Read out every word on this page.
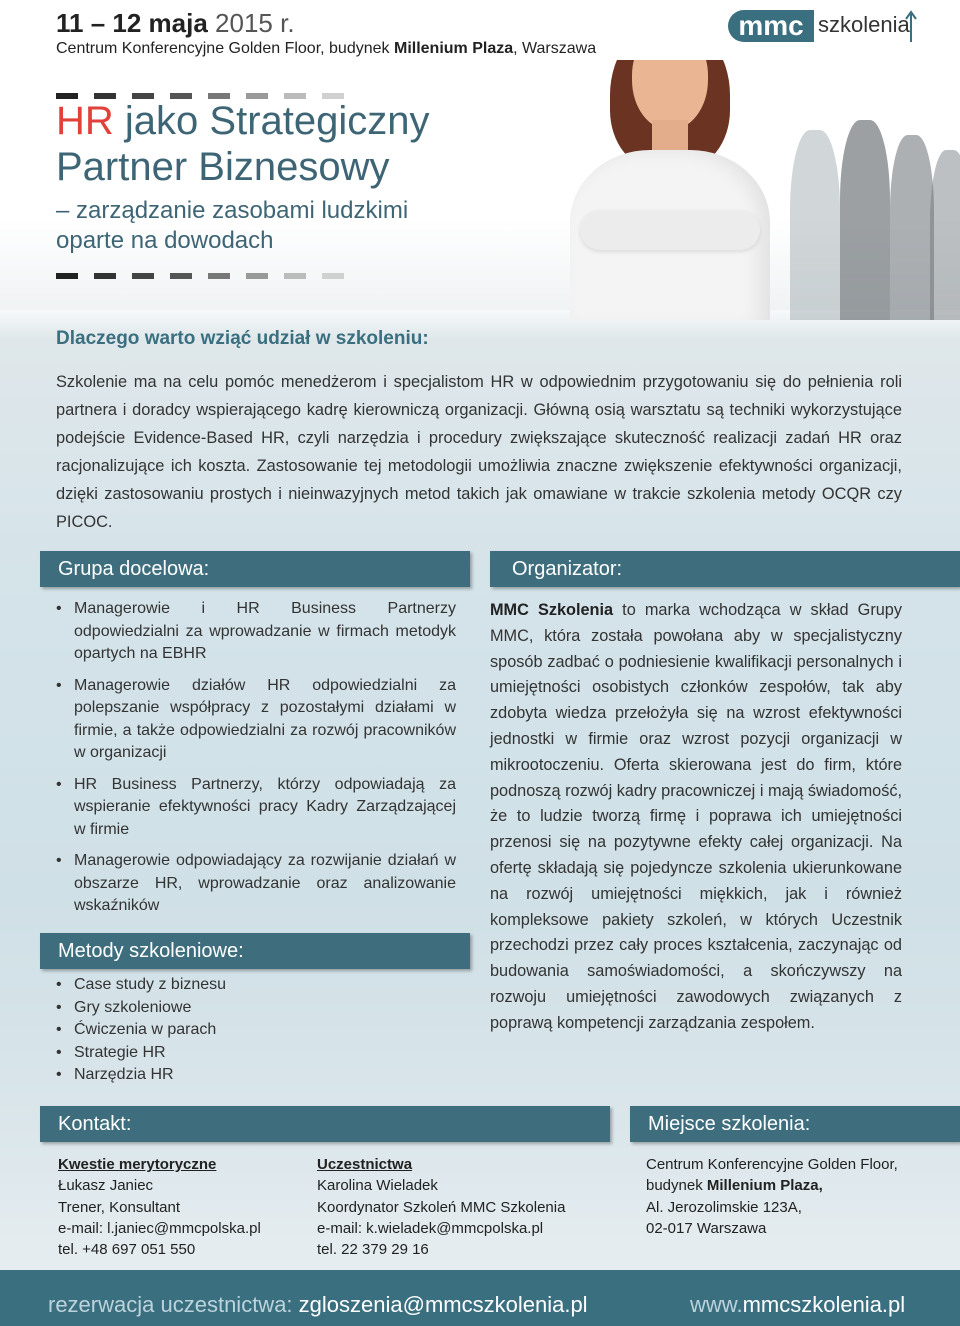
11 – 12 maja 2015 r.
Centrum Konferencyjne Golden Floor, budynek Millenium Plaza, Warszawa
mmc szkolenia
HR jako Strategiczny
Partner Biznesowy
– zarządzanie zasobami ludzkimi
oparte na dowodach
Dlaczego warto wziąć udział w szkoleniu:
Szkolenie ma na celu pomóc menedżerom i specjalistom HR w odpowiednim przygotowaniu się do pełnienia roli partnera i doradcy wspierającego kadrę kierowniczą organizacji. Główną osią warsztatu są techniki wykorzystujące podejście Evidence-Based HR, czyli narzędzia i procedury zwiększające skuteczność realizacji zadań HR oraz racjonalizujące ich koszta. Zastosowanie tej metodologii umożliwia znaczne zwiększenie efektywności organizacji, dzięki zastosowaniu prostych i nieinwazyjnych metod takich jak omawiane w trakcie szkolenia metody OCQR czy PICOC.
Grupa docelowa:
• Managerowie i HR Business Partnerzy odpowiedzialni za wprowadzanie w firmach metodyk opartych na EBHR
• Managerowie działów HR odpowiedzialni za polepszanie współpracy z pozostałymi działami w firmie, a także odpowiedzialni za rozwój pracowników w organizacji
• HR Business Partnerzy, którzy odpowiadają za wspieranie efektywności pracy Kadry Zarządzającej w firmie
• Managerowie odpowiadający za rozwijanie działań w obszarze HR, wprowadzanie oraz analizowanie wskaźników
Organizator:
MMC Szkolenia to marka wchodząca w skład Grupy MMC, która została powołana aby w specjalistyczny sposób zadbać o podniesienie kwalifikacji personalnych i umiejętności osobistych członków zespołów, tak aby zdobyta wiedza przełożyła się na wzrost efektywności jednostki w firmie oraz wzrost pozycji organizacji w mikrootoczeniu. Oferta skierowana jest do firm, które podnoszą rozwój kadry pracowniczej i mają świadomość, że to ludzie tworzą firmę i poprawa ich umiejętności przenosi się na pozytywne efekty całej organizacji. Na ofertę składają się pojedyncze szkolenia ukierunkowane na rozwój umiejętności miękkich, jak i również kompleksowe pakiety szkoleń, w których Uczestnik przechodzi przez cały proces kształcenia, zaczynając od budowania samoświadomości, a skończywszy na rozwoju umiejętności zawodowych związanych z poprawą kompetencji zarządzania zespołem.
Metody szkoleniowe:
• Case study z biznesu
• Gry szkoleniowe
• Ćwiczenia w parach
• Strategie HR
• Narzędzia HR
Kontakt:
Kwestie merytoryczne
Łukasz Janiec
Trener, Konsultant
e-mail: l.janiec@mmcpolska.pl
tel. +48 697 051 550
Uczestnictwa
Karolina Wieladek
Koordynator Szkoleń MMC Szkolenia
e-mail: k.wieladek@mmcpolska.pl
tel. 22 379 29 16
Miejsce szkolenia:
Centrum Konferencyjne Golden Floor,
budynek Millenium Plaza,
Al. Jerozolimskie 123A,
02-017 Warszawa
rezerwacja uczestnictwa: zgloszenia@mmcszkolenia.pl	www.mmcszkolenia.pl
